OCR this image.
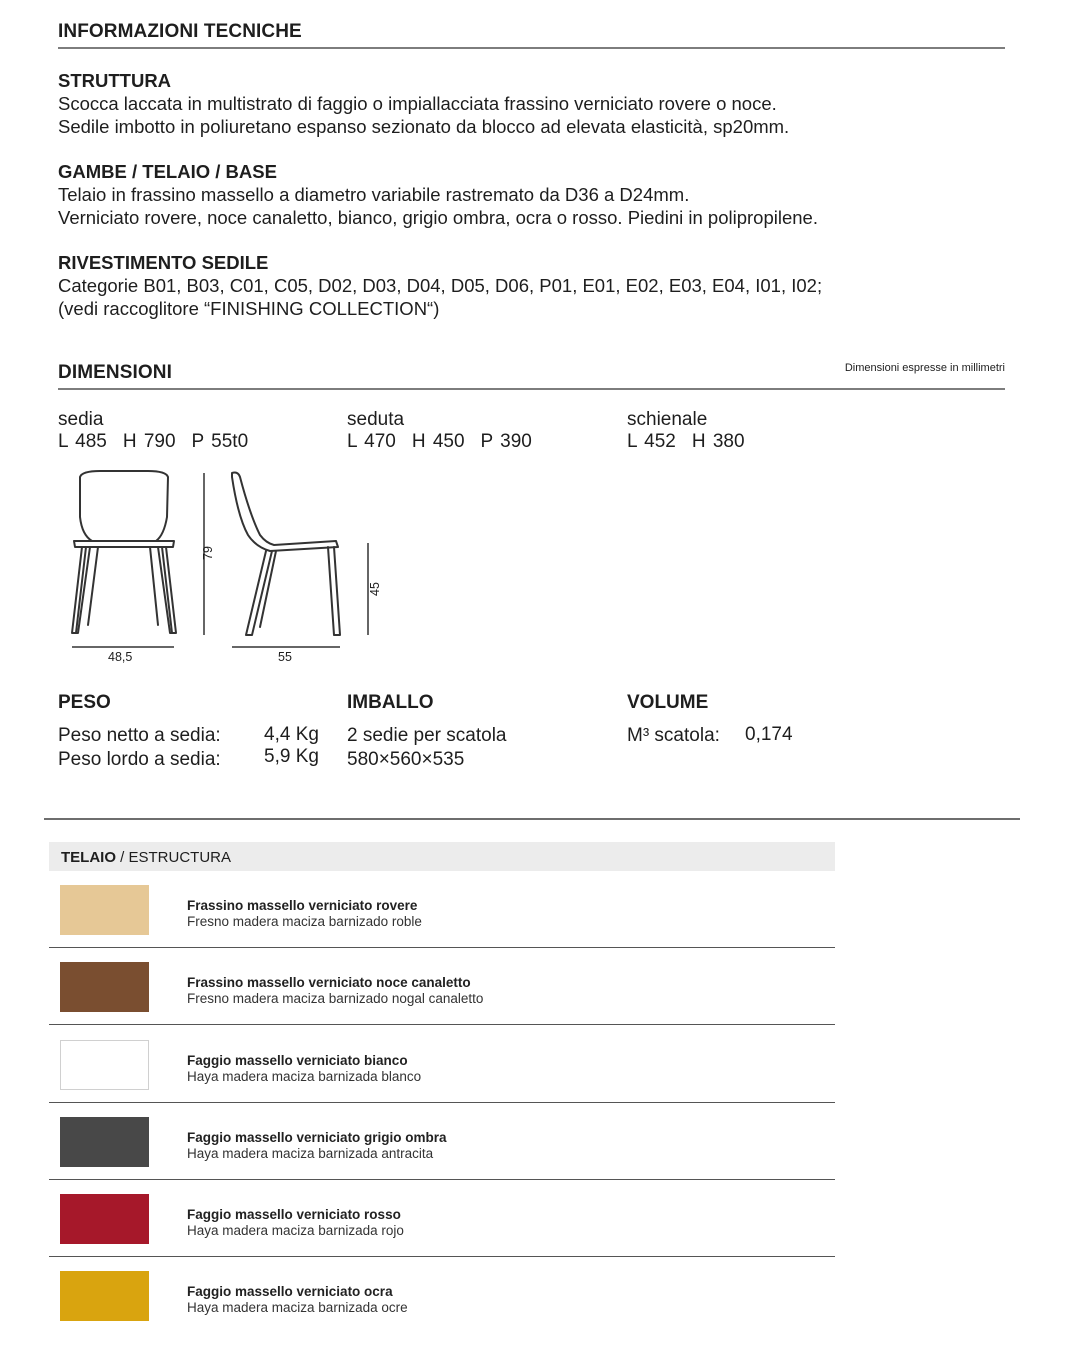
INFORMAZIONI TECNICHE
STRUTTURA
Scocca laccata in multistrato di faggio o impiallacciata frassino verniciato rovere o noce.
Sedile imbotto in poliuretano espanso sezionato da blocco ad elevata elasticità, sp20mm.
GAMBE / TELAIO / BASE
Telaio in frassino massello a diametro variabile rastremato da D36 a D24mm.
Verniciato rovere, noce canaletto, bianco, grigio ombra, ocra o rosso. Piedini in polipropilene.
RIVESTIMENTO SEDILE
Categorie B01, B03, C01, C05, D02, D03, D04, D05, D06, P01, E01, E02, E03, E04, I01, I02;
(vedi raccoglitore “FINISHING COLLECTION“)
DIMENSIONI	Dimensioni espresse in millimetri
sedia
L 485 H 790 P 55t0
seduta
L 470 H 450 P 390
schienale
L 452 H 380
48,5	55
79
45
PESO
Peso netto a sedia: 4,4 Kg
Peso lordo a sedia: 5,9 Kg
IMBALLO
2 sedie per scatola
580×560×535
VOLUME
M³ scatola: 0,174
TELAIO / ESTRUCTURA
Frassino massello verniciato rovere
Fresno madera maciza barnizado roble
Frassino massello verniciato noce canaletto
Fresno madera maciza barnizado nogal canaletto
Faggio massello verniciato bianco
Haya madera maciza barnizada blanco
Faggio massello verniciato grigio ombra
Haya madera maciza barnizada antracita
Faggio massello verniciato rosso
Haya madera maciza barnizada rojo
Faggio massello verniciato ocra
Haya madera maciza barnizada ocre
